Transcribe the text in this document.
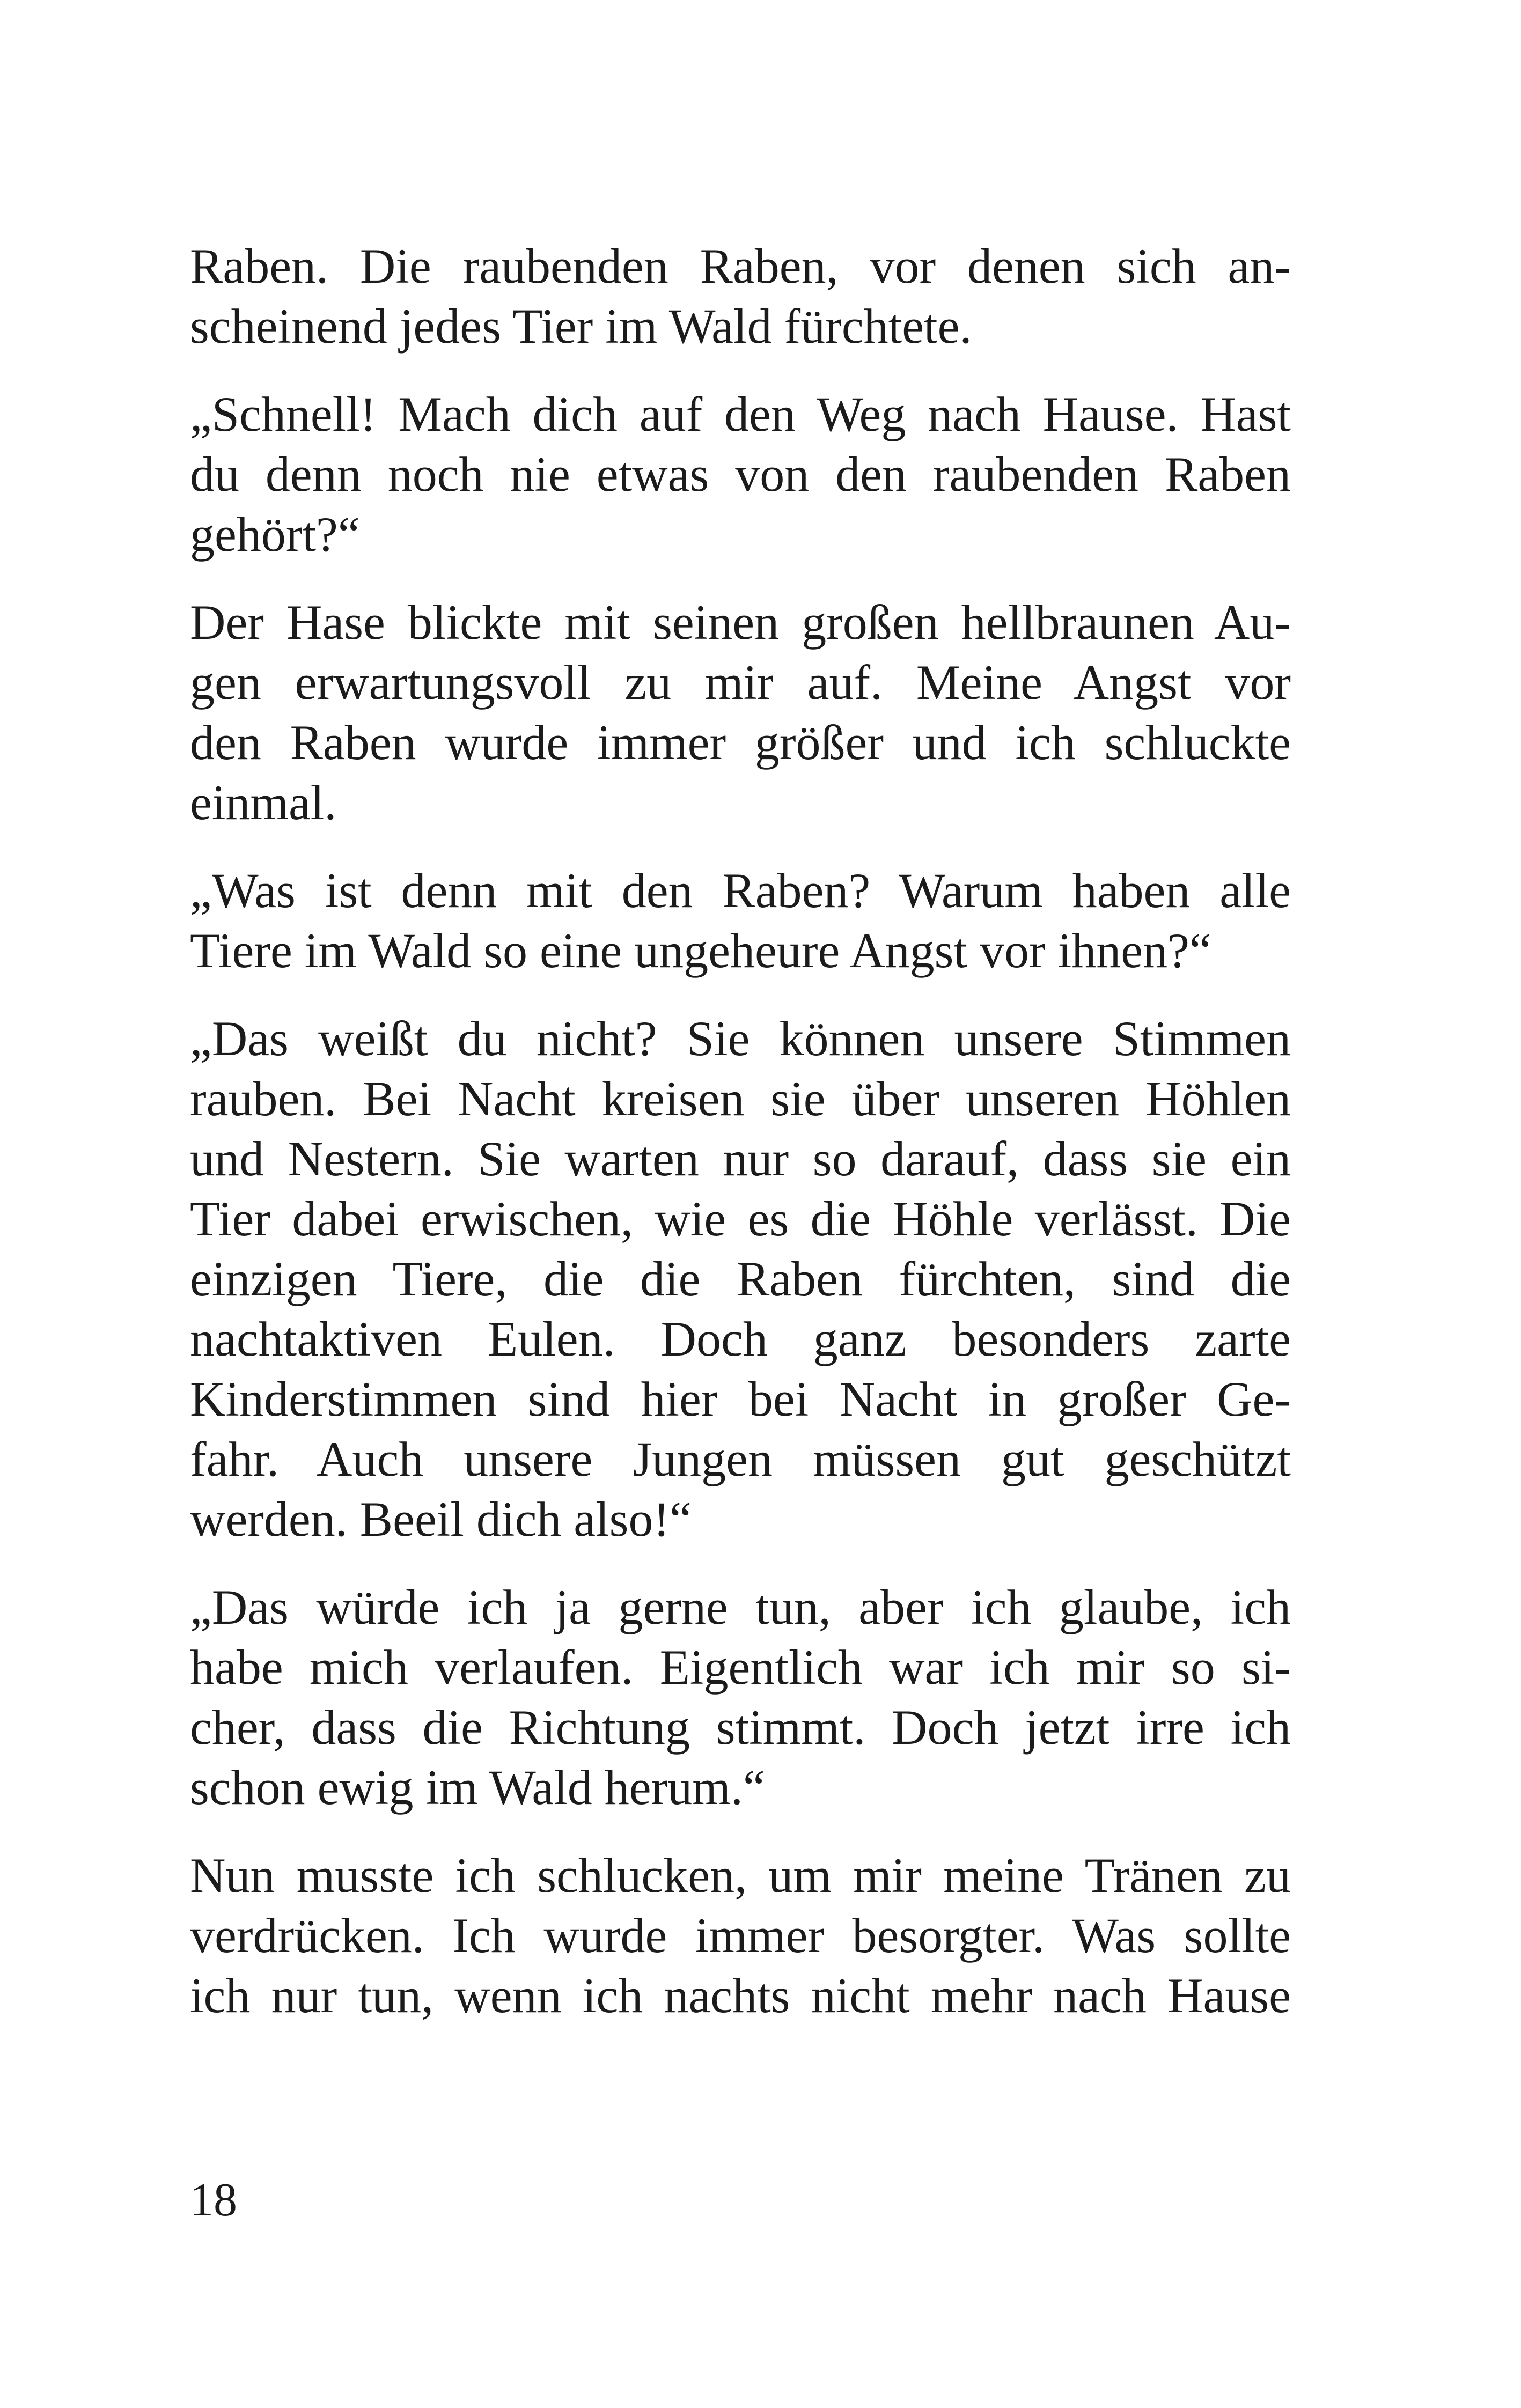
Raben. Die raubenden Raben, vor denen sich an-
scheinend jedes Tier im Wald fürchtete.
„Schnell! Mach dich auf den Weg nach Hause. Hast
du denn noch nie etwas von den raubenden Raben
gehört?“
Der Hase blickte mit seinen großen hellbraunen Au-
gen erwartungsvoll zu mir auf. Meine Angst vor
den Raben wurde immer größer und ich schluckte
einmal.
„Was ist denn mit den Raben? Warum haben alle
Tiere im Wald so eine ungeheure Angst vor ihnen?“
„Das weißt du nicht? Sie können unsere Stimmen
rauben. Bei Nacht kreisen sie über unseren Höhlen
und Nestern. Sie warten nur so darauf, dass sie ein
Tier dabei erwischen, wie es die Höhle verlässt. Die
einzigen Tiere, die die Raben fürchten, sind die
nachtaktiven Eulen. Doch ganz besonders zarte
Kinderstimmen sind hier bei Nacht in großer Ge-
fahr. Auch unsere Jungen müssen gut geschützt
werden. Beeil dich also!“
„Das würde ich ja gerne tun, aber ich glaube, ich
habe mich verlaufen. Eigentlich war ich mir so si-
cher, dass die Richtung stimmt. Doch jetzt irre ich
schon ewig im Wald herum.“
Nun musste ich schlucken, um mir meine Tränen zu
verdrücken. Ich wurde immer besorgter. Was sollte
ich nur tun, wenn ich nachts nicht mehr nach Hause
18
